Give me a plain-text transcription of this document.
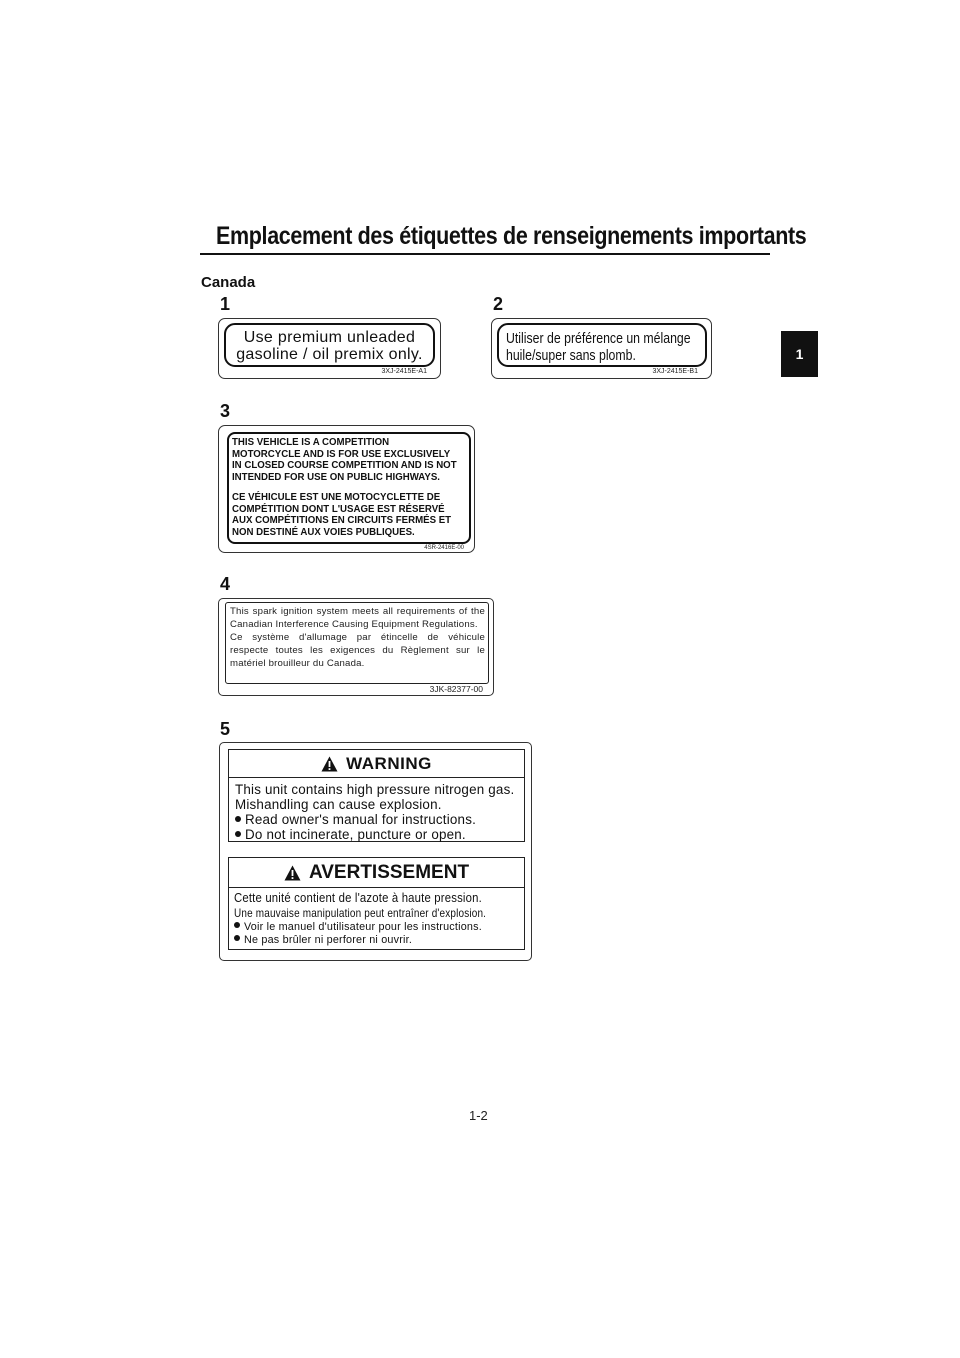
Emplacement des étiquettes de renseignements importants
Canada
1
1
Use premium unleaded
gasoline / oil premix only.
3XJ-2415E-A1
2
Utiliser de préférence un mélange
huile/super sans plomb.
3XJ-2415E-B1
3
THIS VEHICLE IS A COMPETITION
MOTORCYCLE AND IS FOR USE EXCLUSIVELY
IN CLOSED COURSE COMPETITION AND IS NOT
INTENDED FOR USE ON PUBLIC HIGHWAYS.
CE VÉHICULE EST UNE MOTOCYCLETTE DE
COMPÉTITION DONT L'USAGE EST RÉSERVÉ
AUX COMPÉTITIONS EN CIRCUITS FERMÉS ET
NON DESTINÉ AUX VOIES PUBLIQUES.
4SR-2416E-00
4
This spark ignition system meets all requirements of the Canadian Interference Causing Equipment Regulations.
Ce système d'allumage par étincelle de véhicule respecte toutes les exigences du Règlement sur le matériel brouilleur du Canada.
3JK-82377-00
5
WARNING
This unit contains high pressure nitrogen gas.
Mishandling can cause explosion.
Read owner's manual for instructions.
Do not incinerate, puncture or open.
AVERTISSEMENT
Cette unité contient de l'azote à haute pression.
Une mauvaise manipulation peut entraîner d'explosion.
Voir le manuel d'utilisateur pour les instructions.
Ne pas brûler ni perforer ni ouvrir.
1-2
